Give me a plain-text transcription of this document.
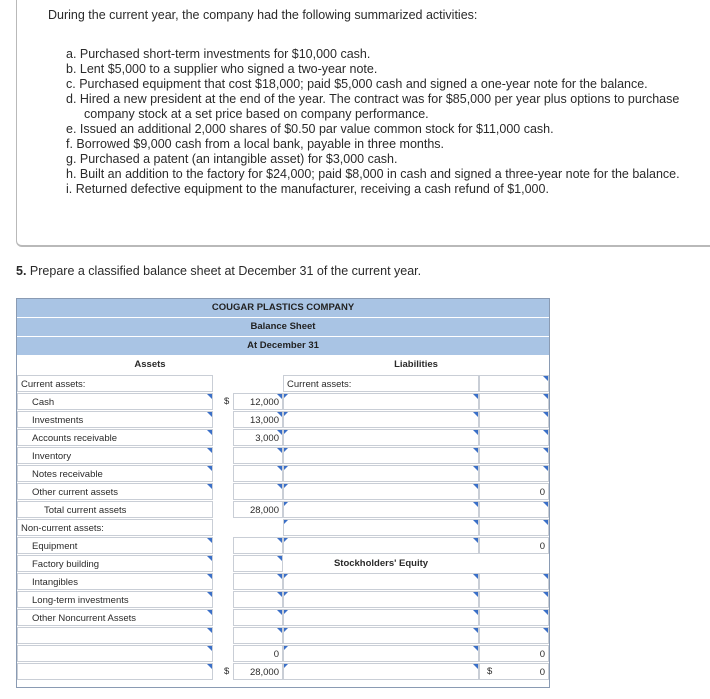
During the current year, the company had the following summarized activities:
a. Purchased short-term investments for $10,000 cash.
b. Lent $5,000 to a supplier who signed a two-year note.
c. Purchased equipment that cost $18,000; paid $5,000 cash and signed a one-year note for the balance.
d. Hired a new president at the end of the year. The contract was for $85,000 per year plus options to purchase
company stock at a set price based on company performance.
e. Issued an additional 2,000 shares of $0.50 par value common stock for $11,000 cash.
f. Borrowed $9,000 cash from a local bank, payable in three months.
g. Purchased a patent (an intangible asset) for $3,000 cash.
h. Built an addition to the factory for $24,000; paid $8,000 in cash and signed a three-year note for the balance.
i. Returned defective equipment to the manufacturer, receiving a cash refund of $1,000.
5. Prepare a classified balance sheet at December 31 of the current year.
COUGAR PLASTICS COMPANY
Balance Sheet
At December 31
Assets	Liabilities
Current assets:
Cash
Investments
Accounts receivable
Inventory
Notes receivable
Other current assets
Total current assets
Non-current assets:
Equipment
Factory building
Intangibles
Long-term investments
Other Noncurrent Assets
$
$
12,000
13,000
3,000
28,000
0
28,000
Current assets:
Stockholders' Equity
0
0
0
$	0
